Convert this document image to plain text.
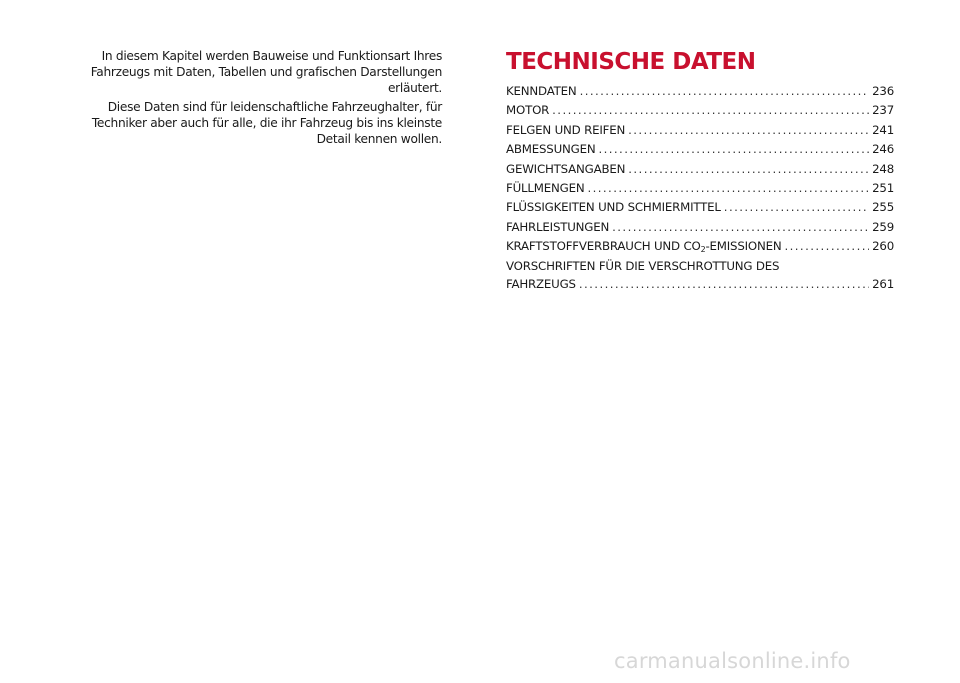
In diesem Kapitel werden Bauweise und Funktionsart Ihres Fahrzeugs mit Daten, Tabellen und grafischen Darstellungen erläutert.

Diese Daten sind für leidenschaftliche Fahrzeughalter, für Techniker aber auch für alle, die ihr Fahrzeug bis ins kleinste Detail kennen wollen.

TECHNISCHE DATEN
KENNDATEN .....	236
MOTOR .....	237
FELGEN UND REIFEN .....	241
ABMESSUNGEN .....	246
GEWICHTSANGABEN .....	248
FÜLLMENGEN .....	251
FLÜSSIGKEITEN UND SCHMIERMITTEL .....	255
FAHRLEISTUNGEN .....	259
KRAFTSTOFFVERBRAUCH UND $CO_2$-EMISSIONEN .....	260
VORSCHRIFTEN FÜR DIE VERSCHROTTUNG DES
FAHRZEUGS .....	261
carmanualsonline.info
